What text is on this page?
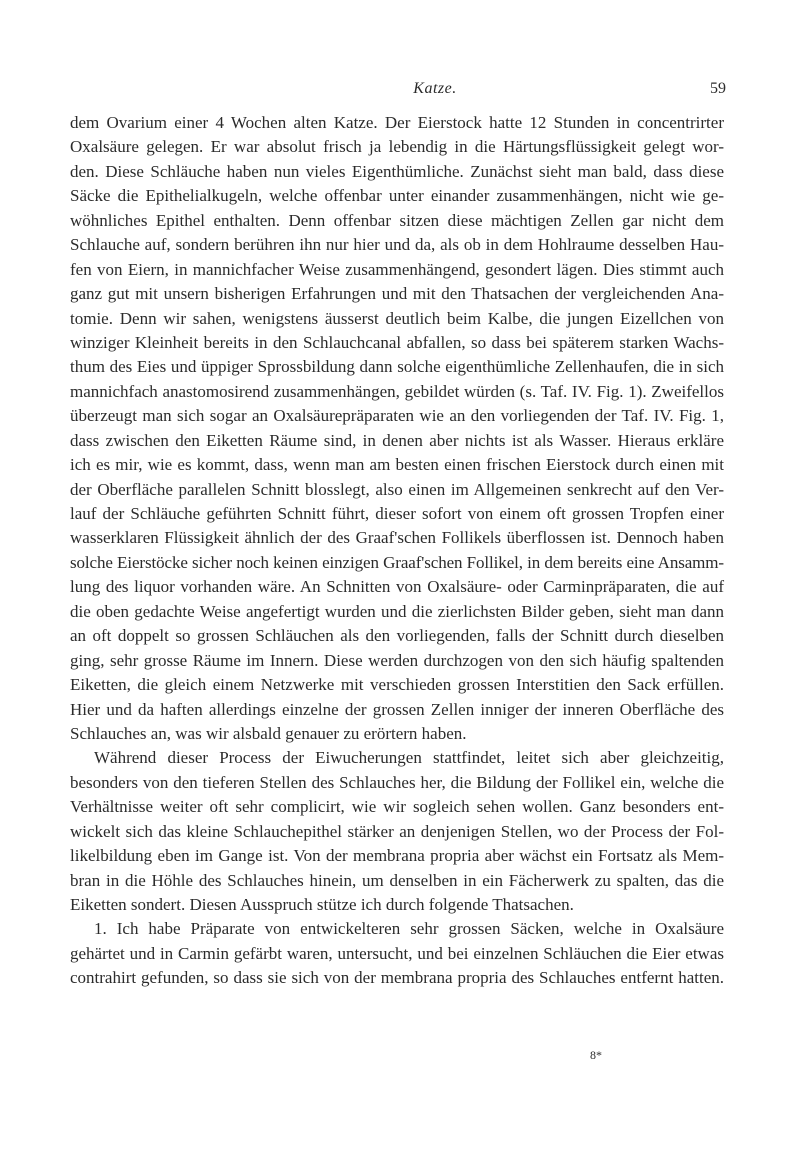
Katze.	59
dem Ovarium einer 4 Wochen alten Katze. Der Eierstock hatte 12 Stunden in concentrirter
Oxalsäure gelegen. Er war absolut frisch ja lebendig in die Härtungsflüssigkeit gelegt wor-
den. Diese Schläuche haben nun vieles Eigenthümliche. Zunächst sieht man bald, dass diese
Säcke die Epithelialkugeln, welche offenbar unter einander zusammenhängen, nicht wie ge-
wöhnliches Epithel enthalten. Denn offenbar sitzen diese mächtigen Zellen gar nicht dem
Schlauche auf, sondern berühren ihn nur hier und da, als ob in dem Hohlraume desselben Hau-
fen von Eiern, in mannichfacher Weise zusammenhängend, gesondert lägen. Dies stimmt auch
ganz gut mit unsern bisherigen Erfahrungen und mit den Thatsachen der vergleichenden Ana-
tomie. Denn wir sahen, wenigstens äusserst deutlich beim Kalbe, die jungen Eizellchen von
winziger Kleinheit bereits in den Schlauchcanal abfallen, so dass bei späterem starken Wachs-
thum des Eies und üppiger Sprossbildung dann solche eigenthümliche Zellenhaufen, die in sich
mannichfach anastomosirend zusammenhängen, gebildet würden (s. Taf. IV. Fig. 1). Zweifellos
überzeugt man sich sogar an Oxalsäurepräparaten wie an den vorliegenden der Taf. IV. Fig. 1,
dass zwischen den Eiketten Räume sind, in denen aber nichts ist als Wasser. Hieraus erkläre
ich es mir, wie es kommt, dass, wenn man am besten einen frischen Eierstock durch einen mit
der Oberfläche parallelen Schnitt blosslegt, also einen im Allgemeinen senkrecht auf den Ver-
lauf der Schläuche geführten Schnitt führt, dieser sofort von einem oft grossen Tropfen einer
wasserklaren Flüssigkeit ähnlich der des Graaf'schen Follikels überflossen ist. Dennoch haben
solche Eierstöcke sicher noch keinen einzigen Graaf'schen Follikel, in dem bereits eine Ansamm-
lung des liquor vorhanden wäre. An Schnitten von Oxalsäure- oder Carminpräparaten, die auf
die oben gedachte Weise angefertigt wurden und die zierlichsten Bilder geben, sieht man dann
an oft doppelt so grossen Schläuchen als den vorliegenden, falls der Schnitt durch dieselben
ging, sehr grosse Räume im Innern. Diese werden durchzogen von den sich häufig spaltenden
Eiketten, die gleich einem Netzwerke mit verschieden grossen Interstitien den Sack erfüllen.
Hier und da haften allerdings einzelne der grossen Zellen inniger der inneren Oberfläche des
Schlauches an, was wir alsbald genauer zu erörtern haben.
Während dieser Process der Eiwucherungen stattfindet, leitet sich aber gleichzeitig,
besonders von den tieferen Stellen des Schlauches her, die Bildung der Follikel ein, welche die
Verhältnisse weiter oft sehr complicirt, wie wir sogleich sehen wollen. Ganz besonders ent-
wickelt sich das kleine Schlauchepithel stärker an denjenigen Stellen, wo der Process der Fol-
likelbildung eben im Gange ist. Von der membrana propria aber wächst ein Fortsatz als Mem-
bran in die Höhle des Schlauches hinein, um denselben in ein Fächerwerk zu spalten, das die
Eiketten sondert. Diesen Ausspruch stütze ich durch folgende Thatsachen.
1. Ich habe Präparate von entwickelteren sehr grossen Säcken, welche in Oxalsäure
gehärtet und in Carmin gefärbt waren, untersucht, und bei einzelnen Schläuchen die Eier etwas
contrahirt gefunden, so dass sie sich von der membrana propria des Schlauches entfernt hatten.
8*
